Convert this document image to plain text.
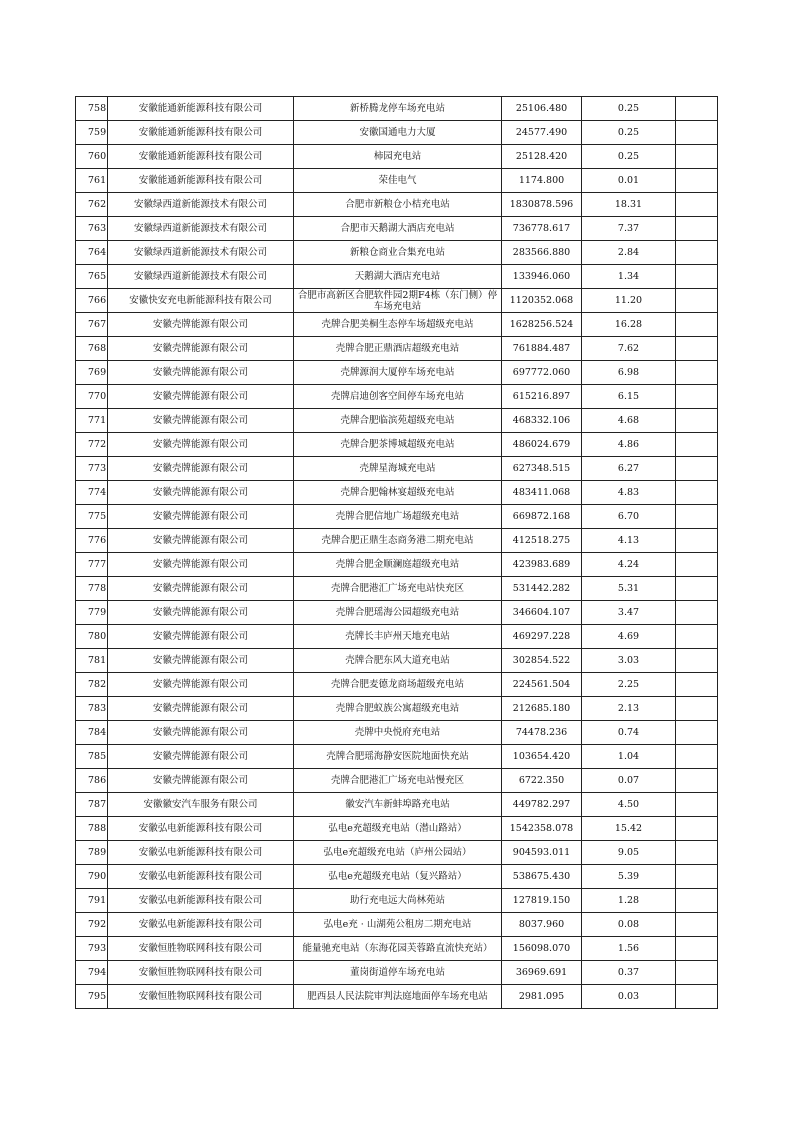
758	安徽能通新能源科技有限公司	新桥腾龙停车场充电站	25106.480	0.25	
759	安徽能通新能源科技有限公司	安徽国通电力大厦	24577.490	0.25	
760	安徽能通新能源科技有限公司	柿园充电站	25128.420	0.25	
761	安徽能通新能源科技有限公司	荣佳电气	1174.800	0.01	
762	安徽绿西道新能源技术有限公司	合肥市新粮仓小桔充电站	1830878.596	18.31	
763	安徽绿西道新能源技术有限公司	合肥市天鹅湖大酒店充电站	736778.617	7.37	
764	安徽绿西道新能源技术有限公司	新粮仓商业合集充电站	283566.880	2.84	
765	安徽绿西道新能源技术有限公司	天鹅湖大酒店充电站	133946.060	1.34	
766	安徽快安充电新能源科技有限公司	合肥市高新区合肥软件园2期F4栋（东门侧）停车场充电站	1120352.068	11.20	
767	安徽壳牌能源有限公司	壳牌合肥美桐生态停车场超级充电站	1628256.524	16.28	
768	安徽壳牌能源有限公司	壳牌合肥正鼎酒店超级充电站	761884.487	7.62	
769	安徽壳牌能源有限公司	壳牌源润大厦停车场充电站	697772.060	6.98	
770	安徽壳牌能源有限公司	壳牌启迪创客空间停车场充电站	615216.897	6.15	
771	安徽壳牌能源有限公司	壳牌合肥临滨苑超级充电站	468332.106	4.68	
772	安徽壳牌能源有限公司	壳牌合肥茶博城超级充电站	486024.679	4.86	
773	安徽壳牌能源有限公司	壳牌星海城充电站	627348.515	6.27	
774	安徽壳牌能源有限公司	壳牌合肥翰林宴超级充电站	483411.068	4.83	
775	安徽壳牌能源有限公司	壳牌合肥信地广场超级充电站	669872.168	6.70	
776	安徽壳牌能源有限公司	壳牌合肥正鼎生态商务港二期充电站	412518.275	4.13	
777	安徽壳牌能源有限公司	壳牌合肥金顺澜庭超级充电站	423983.689	4.24	
778	安徽壳牌能源有限公司	壳牌合肥港汇广场充电站快充区	531442.282	5.31	
779	安徽壳牌能源有限公司	壳牌合肥瑶海公园超级充电站	346604.107	3.47	
780	安徽壳牌能源有限公司	壳牌长丰庐州天地充电站	469297.228	4.69	
781	安徽壳牌能源有限公司	壳牌合肥东风大道充电站	302854.522	3.03	
782	安徽壳牌能源有限公司	壳牌合肥麦德龙商场超级充电站	224561.504	2.25	
783	安徽壳牌能源有限公司	壳牌合肥蚁族公寓超级充电站	212685.180	2.13	
784	安徽壳牌能源有限公司	壳牌中央悦府充电站	74478.236	0.74	
785	安徽壳牌能源有限公司	壳牌合肥瑶海静安医院地面快充站	103654.420	1.04	
786	安徽壳牌能源有限公司	壳牌合肥港汇广场充电站慢充区	6722.350	0.07	
787	安徽徽安汽车服务有限公司	徽安汽车新蚌埠路充电站	449782.297	4.50	
788	安徽弘电新能源科技有限公司	弘电e充超级充电站（潜山路站）	1542358.078	15.42	
789	安徽弘电新能源科技有限公司	弘电e充超级充电站（庐州公园站）	904593.011	9.05	
790	安徽弘电新能源科技有限公司	弘电e充超级充电站（复兴路站）	538675.430	5.39	
791	安徽弘电新能源科技有限公司	助行充电远大尚林苑站	127819.150	1.28	
792	安徽弘电新能源科技有限公司	弘电e充 · 山湖苑公租房二期充电站	8037.960	0.08	
793	安徽恒胜物联网科技有限公司	能量驰充电站（东海花园芙蓉路直流快充站）	156098.070	1.56	
794	安徽恒胜物联网科技有限公司	董岗街道停车场充电站	36969.691	0.37	
795	安徽恒胜物联网科技有限公司	肥西县人民法院审判法庭地面停车场充电站	2981.095	0.03	
